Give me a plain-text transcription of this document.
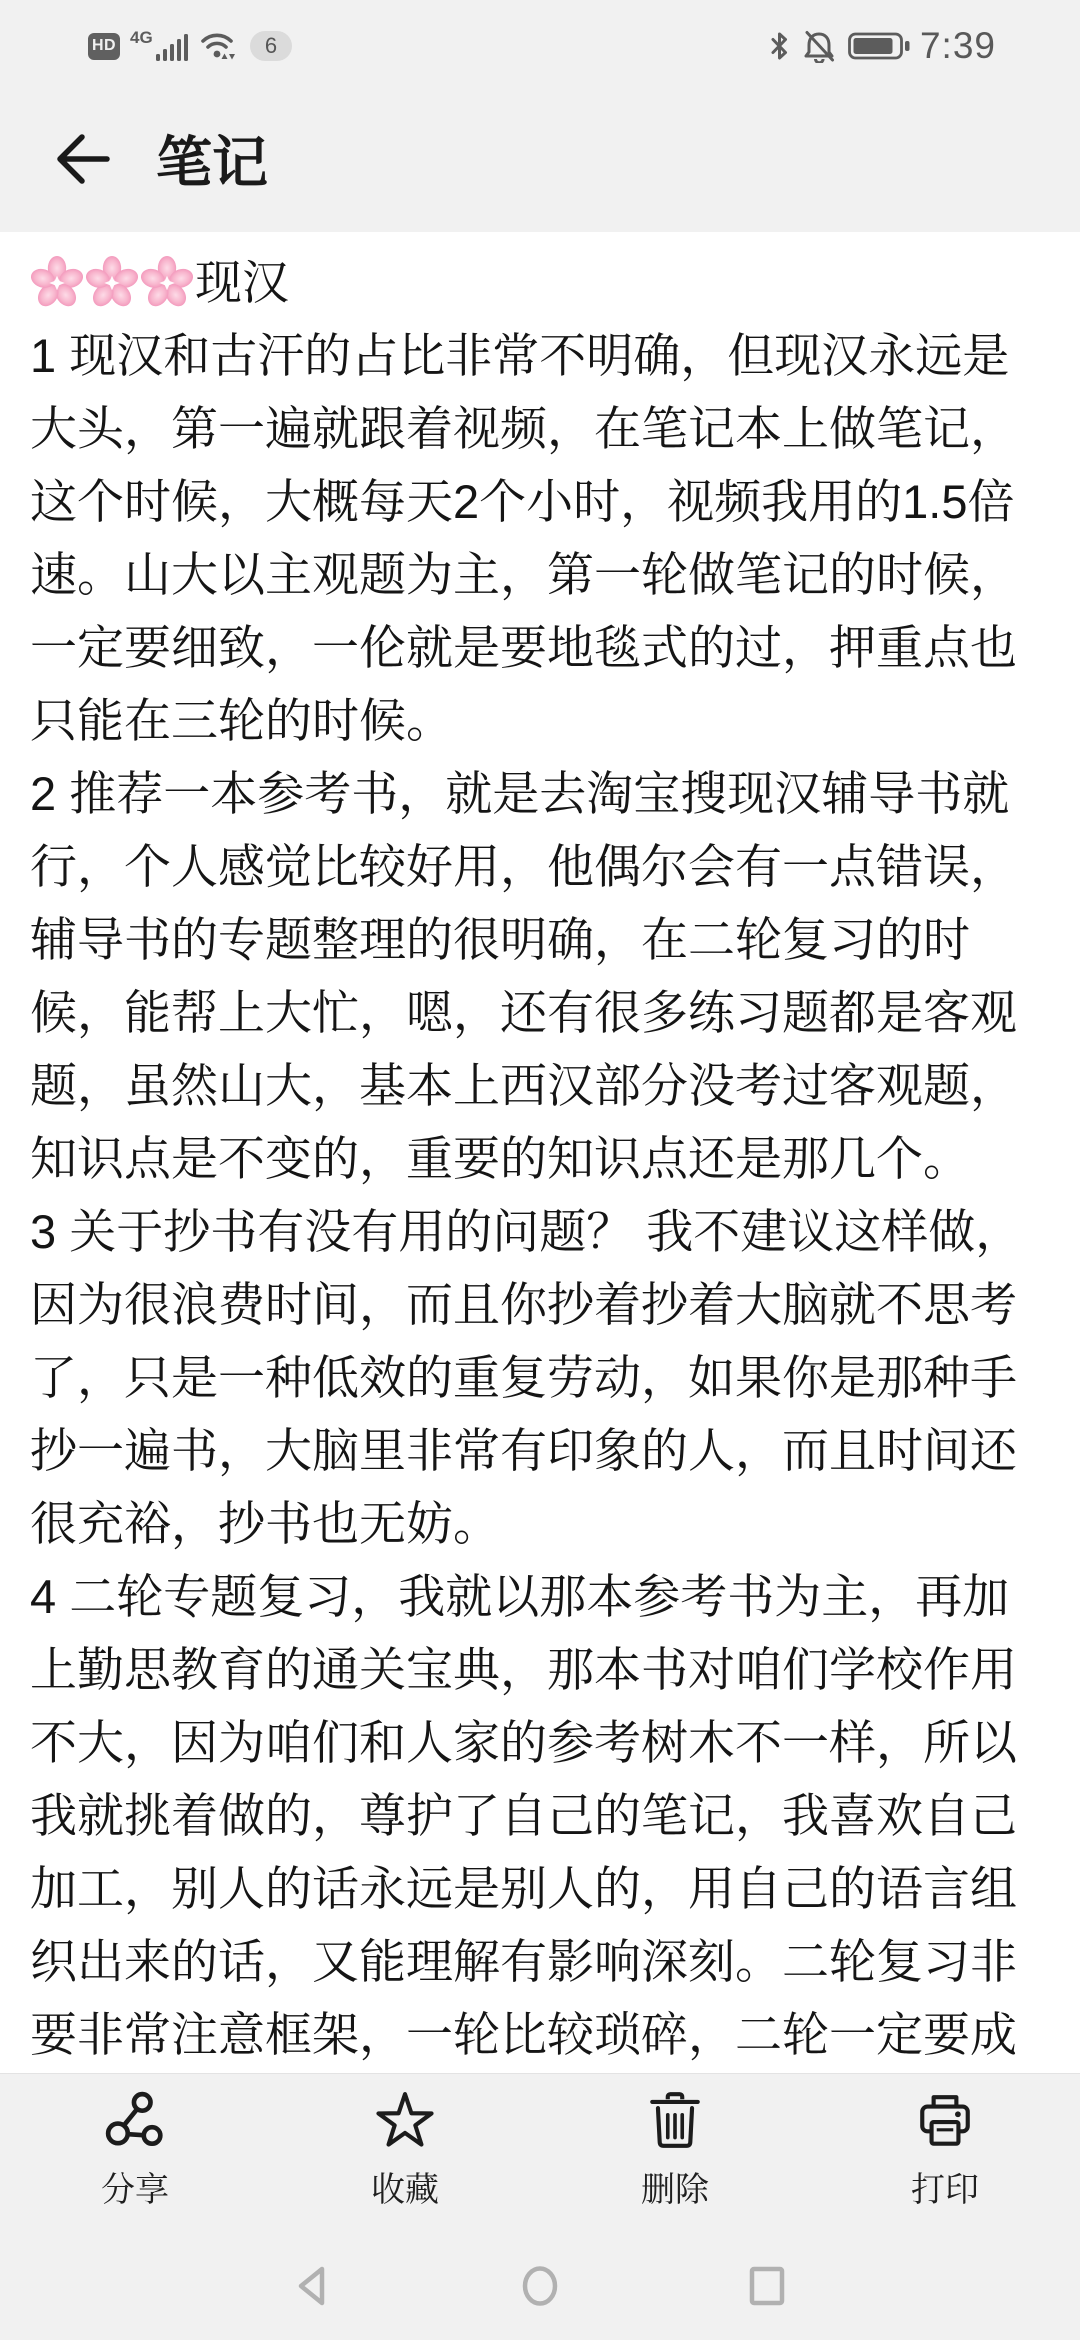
HD 4G	6	7:39
笔记
现汉
1 现汉和古汗的占比非常不明确，但现汉永远是
大头，第一遍就跟着视频，在笔记本上做笔记，
这个时候，大概每天2个小时，视频我用的1.5倍
速。山大以主观题为主，第一轮做笔记的时候，
一定要细致，一伦就是要地毯式的过，押重点也
只能在三轮的时候。
2 推荐一本参考书，就是去淘宝搜现汉辅导书就
行，个人感觉比较好用，他偶尔会有一点错误，
辅导书的专题整理的很明确，在二轮复习的时
候，能帮上大忙，嗯，还有很多练习题都是客观
题，虽然山大，基本上西汉部分没考过客观题，
知识点是不变的，重要的知识点还是那几个。
3 关于抄书有没有用的问题？ 我不建议这样做，
因为很浪费时间，而且你抄着抄着大脑就不思考
了，只是一种低效的重复劳动，如果你是那种手
抄一遍书，大脑里非常有印象的人，而且时间还
很充裕，抄书也无妨。
4 二轮专题复习，我就以那本参考书为主，再加
上勤思教育的通关宝典，那本书对咱们学校作用
不大，因为咱们和人家的参考树木不一样，所以
我就挑着做的，尊护了自己的笔记，我喜欢自己
加工，别人的话永远是别人的，用自己的语言组
织出来的话，又能理解有影响深刻。二轮复习非
要非常注意框架，一轮比较琐碎，二轮一定要成
分享	收藏	删除	打印
